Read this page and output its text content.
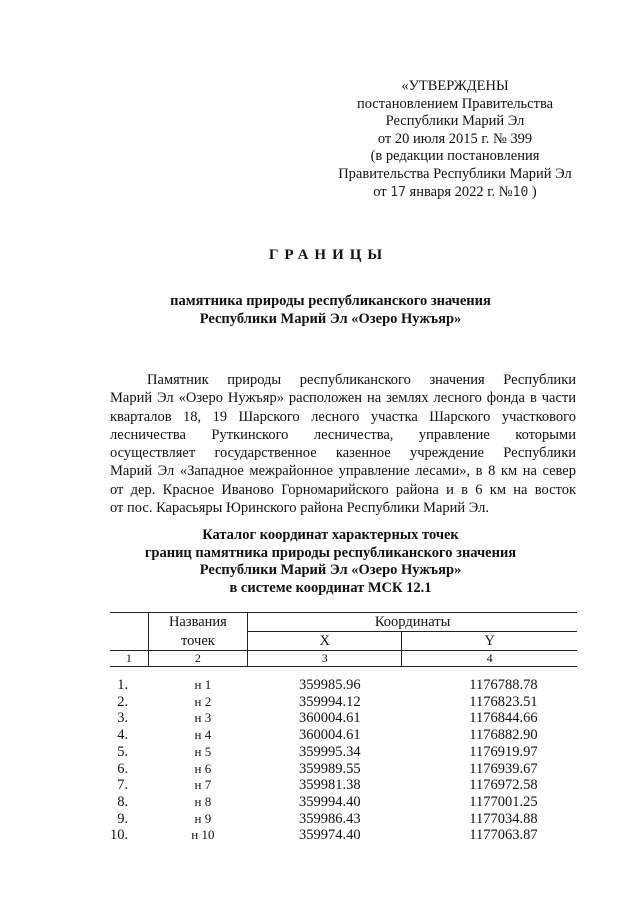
«УТВЕРЖДЕНЫ
постановлением Правительства
Республики Марий Эл
от 20 июля 2015 г. № 399
(в редакции постановления
Правительства Республики Марий Эл
от 17 января 2022 г. №10 )
ГРАНИЦЫ
памятника природы республиканского значения
Республики Марий Эл «Озеро Нужъяр»
Памятник природы республиканского значения Республики
Марий Эл «Озеро Нужъяр» расположен на землях лесного фонда в части
кварталов 18, 19 Шарского лесного участка Шарского участкового
лесничества Руткинского лесничества, управление которыми
осуществляет государственное казенное учреждение Республики
Марий Эл «Западное межрайонное управление лесами», в 8 км на север
от дер. Красное Иваново Горномарийского района и в 6 км на восток
от пос. Карасьяры Юринского района Республики Марий Эл.
Каталог координат характерных точек
границ памятника природы республиканского значения
Республики Марий Эл «Озеро Нужъяр»
в системе координат МСК 12.1
	Названия	Координаты	
	точек	X	Y
1	2	3	4
1.	н 1	359985.96	1176788.78
2.	н 2	359994.12	1176823.51
3.	н 3	360004.61	1176844.66
4.	н 4	360004.61	1176882.90
5.	н 5	359995.34	1176919.97
6.	н 6	359989.55	1176939.67
7.	н 7	359981.38	1176972.58
8.	н 8	359994.40	1177001.25
9.	н 9	359986.43	1177034.88
10.	н 10	359974.40	1177063.87
